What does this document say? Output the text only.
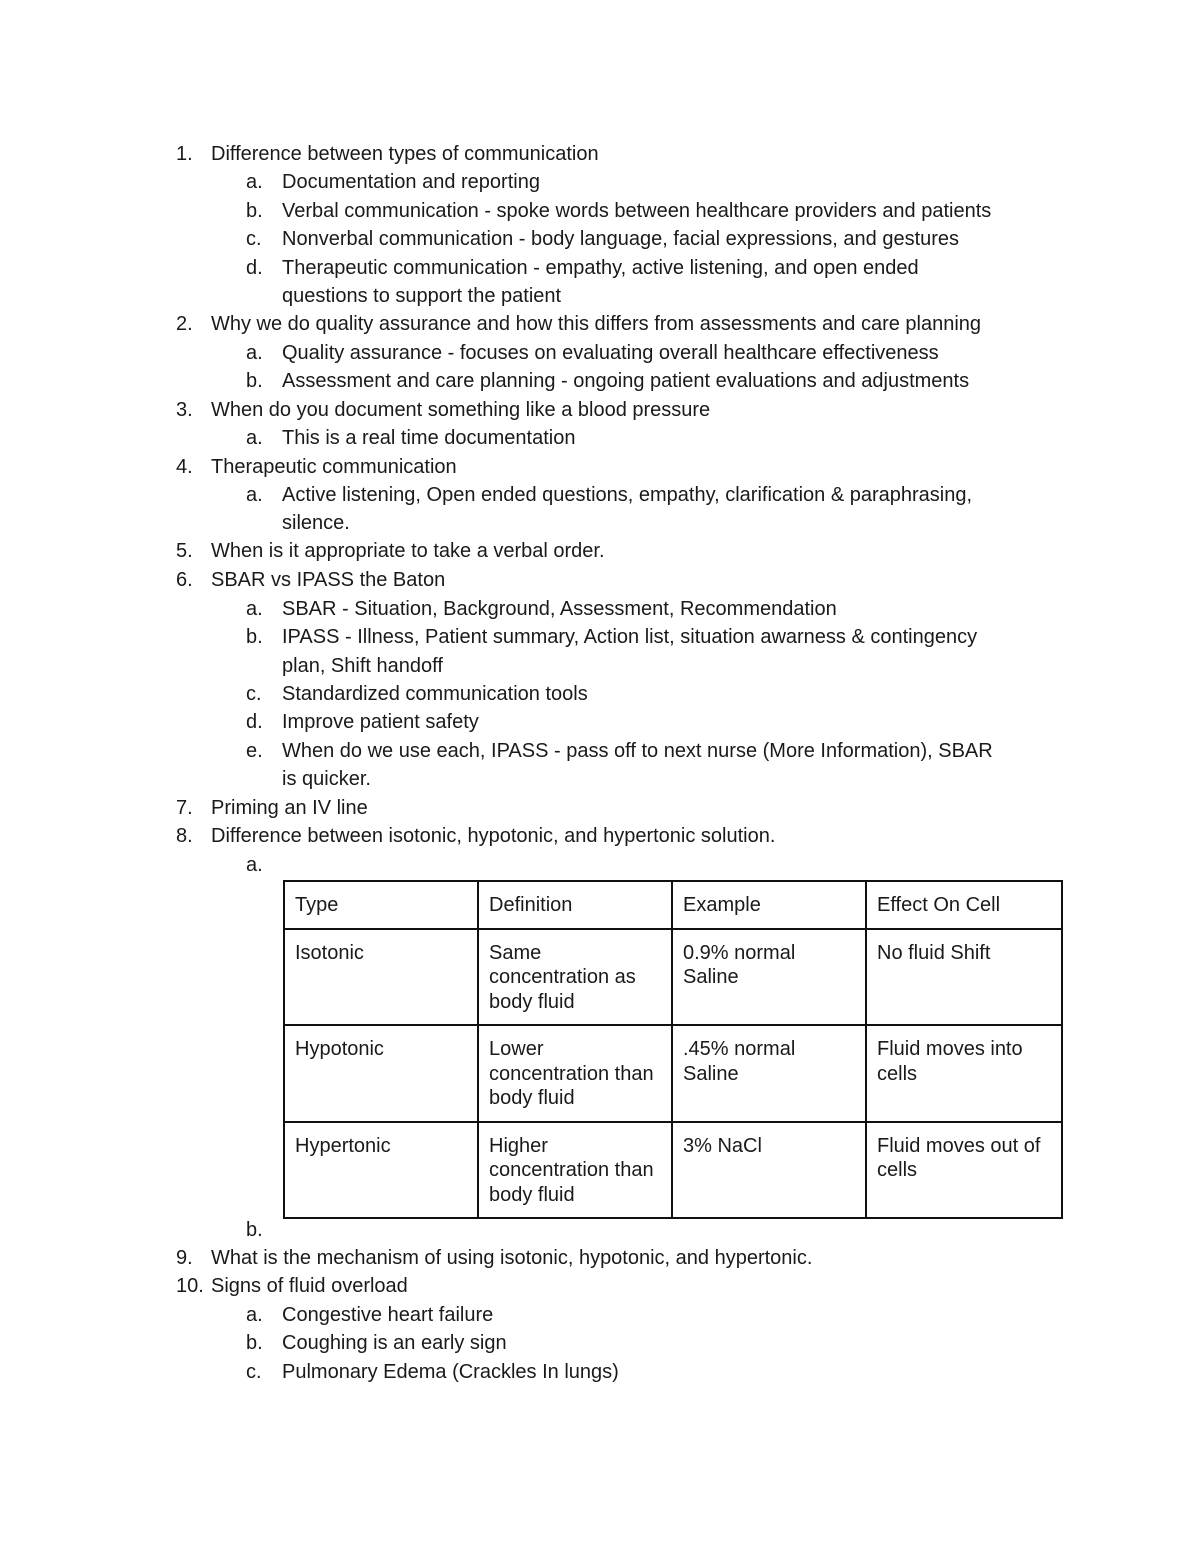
1. Difference between types of communication
a. Documentation and reporting
b. Verbal communication - spoke words between healthcare providers and patients
c. Nonverbal communication - body language, facial expressions, and gestures
d. Therapeutic communication - empathy, active listening, and open ended
questions to support the patient
2. Why we do quality assurance and how this differs from assessments and care planning
a. Quality assurance - focuses on evaluating overall healthcare effectiveness
b. Assessment and care planning - ongoing patient evaluations and adjustments
3. When do you document something like a blood pressure
a. This is a real time documentation
4. Therapeutic communication
a. Active listening, Open ended questions, empathy, clarification & paraphrasing,
silence.
5. When is it appropriate to take a verbal order.
6. SBAR vs IPASS the Baton
a. SBAR - Situation, Background, Assessment, Recommendation
b. IPASS - Illness, Patient summary, Action list, situation awarness & contingency
plan, Shift handoff
c. Standardized communication tools
d. Improve patient safety
e. When do we use each, IPASS - pass off to next nurse (More Information), SBAR
is quicker.
7. Priming an IV line
8. Difference between isotonic, hypotonic, and hypertonic solution.
a.
Type	Definition	Example	Effect On Cell
Isotonic	Same concentration as body fluid	0.9% normal Saline	No fluid Shift
Hypotonic	Lower concentration than body fluid	.45% normal Saline	Fluid moves into cells
Hypertonic	Higher concentration than body fluid	3% NaCl	Fluid moves out of cells
b.
9. What is the mechanism of using isotonic, hypotonic, and hypertonic.
10. Signs of fluid overload
a. Congestive heart failure
b. Coughing is an early sign
c. Pulmonary Edema (Crackles In lungs)
